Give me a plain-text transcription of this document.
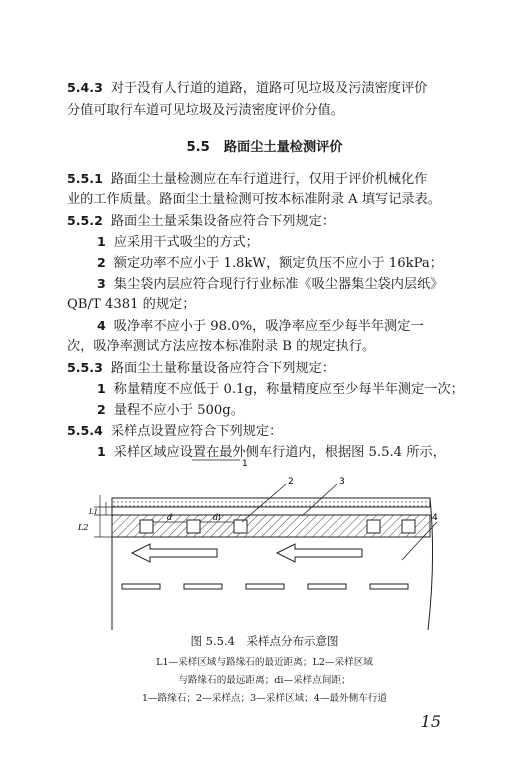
5.4.3 对于没有人行道的道路，道路可见垃圾及污渍密度评价
分值可取行车道可见垃圾及污渍密度评价分值。
5.5 路面尘土量检测评价
5.5.1 路面尘土量检测应在车行道进行，仅用于评价机械化作
业的工作质量。路面尘土量检测可按本标准附录 A 填写记录表。
5.5.2 路面尘土量采集设备应符合下列规定：
1 应采用干式吸尘的方式；
2 额定功率不应小于 1.8kW，额定负压不应小于 16kPa；
3 集尘袋内层应符合现行行业标准《吸尘器集尘袋内层纸》
QB/T 4381 的规定；
4 吸净率不应小于 98.0%，吸净率应至少每半年测定一
次，吸净率测试方法应按本标准附录 B 的规定执行。
5.5.3 路面尘土量称量设备应符合下列规定：
1 称量精度不应低于 0.1g，称量精度应至少每半年测定一次；
2 量程不应小于 500g。
5.5.4 采样点设置应符合下列规定：
1 采样区域应设置在最外侧车行道内，根据图 5.5.4 所示，
d	di
L2
L1
1
2	3
4
图 5.5.4　采样点分布示意图
L1—采样区域与路缘石的最近距离；L2—采样区域
与路缘石的最远距离；di—采样点间距；
1—路缘石；2—采样点；3—采样区域；4—最外侧车行道
15
